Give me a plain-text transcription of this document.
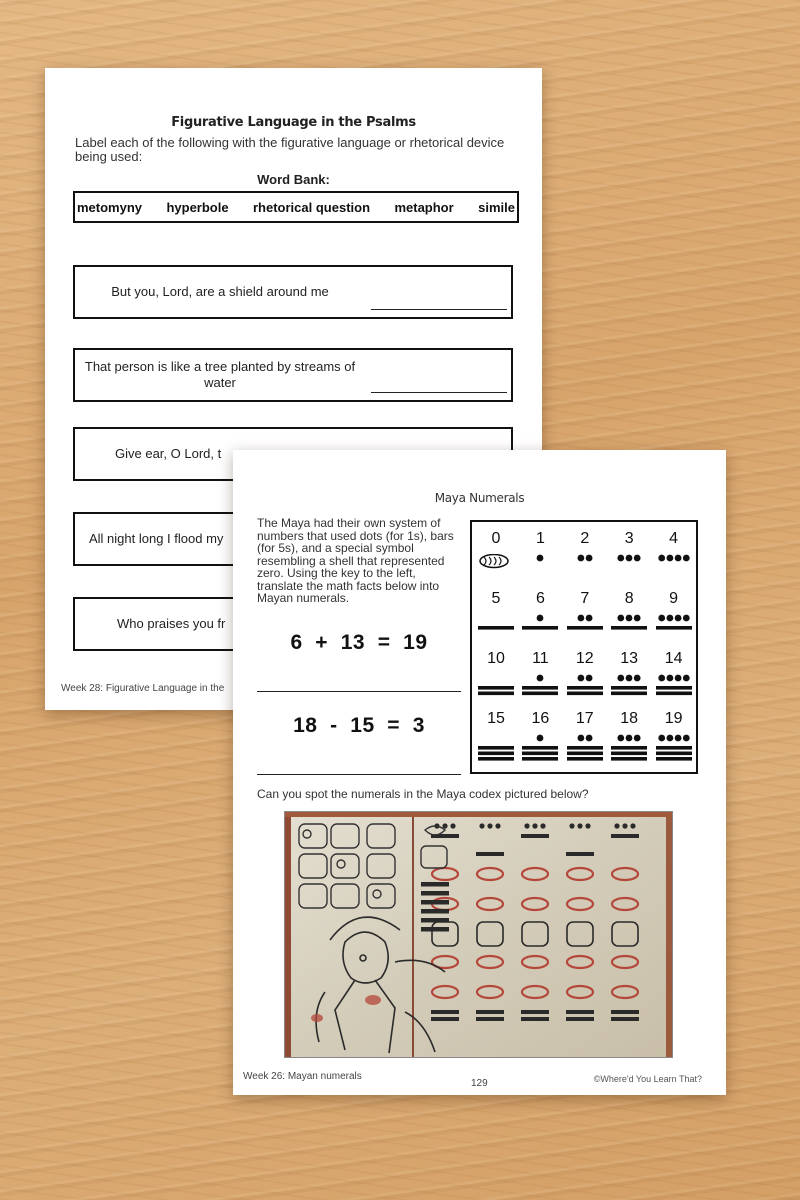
Figurative Language in the Psalms
Label each of the following with the figurative language or rhetorical device being used:
Word Bank:
metomyny hyperbole rhetorical question metaphor simile
But you, Lord, are a shield around me
That person is like a tree planted by streams of water
Give ear, O Lord, t
All night long I flood my
Who praises you fr
Week 28: Figurative Language in the
Maya Numerals
The Maya had their own system of numbers that used dots (for 1s), bars (for 5s), and a special symbol resembling a shell that represented zero. Using the key to the left, translate the math facts below into Mayan numerals.
6  +  13  =  19
18  -  15  =  3
0	1	2	3	4
5	6	7	8	9
10	11	12	13	14
15	16	17	18	19
Can you spot the numerals in the Maya codex pictured below?
Week 26: Mayan numerals
129	©Where'd You Learn That?
